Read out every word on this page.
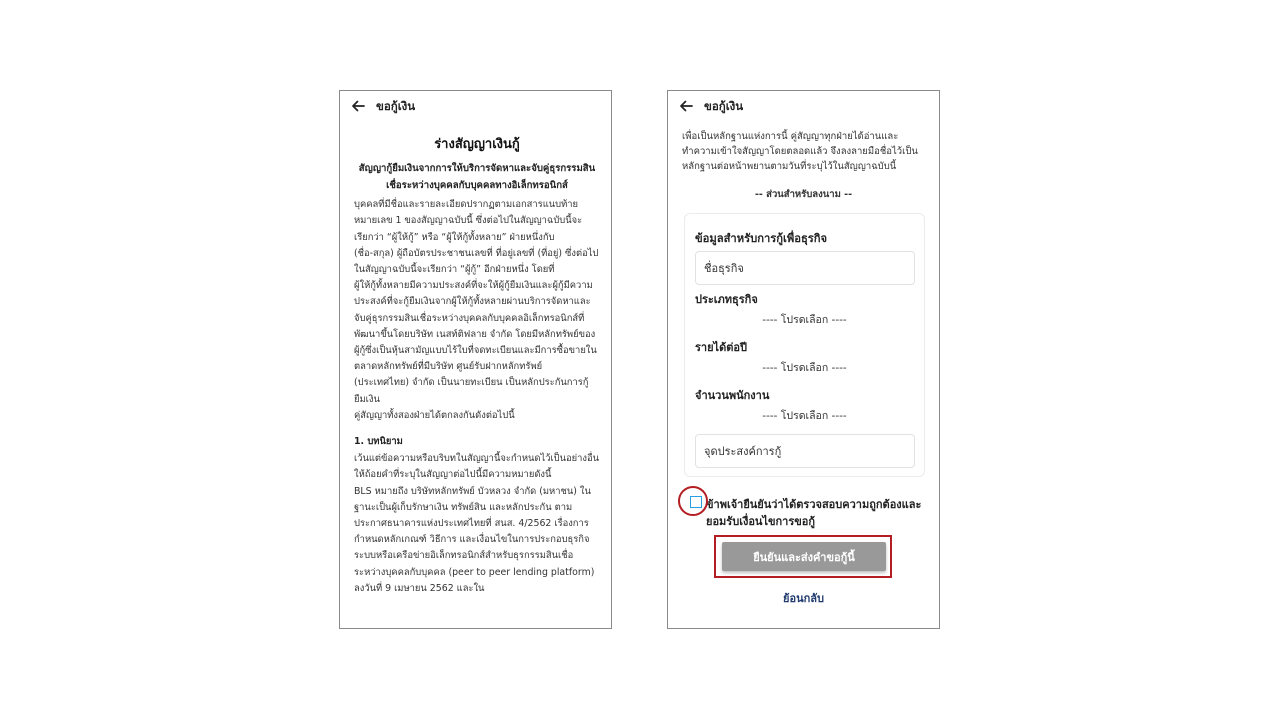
ขอกู้เงิน
ร่างสัญญาเงินกู้
สัญญากู้ยืมเงินจากการให้บริการจัดหาและจับคู่ธุรกรรมสินเชื่อระหว่างบุคคลกับบุคคลทางอิเล็กทรอนิกส์

บุคคลที่มีชื่อและรายละเอียดปรากฏตามเอกสารแนบท้ายหมายเลข 1 ของสัญญาฉบับนี้ ซึ่งต่อไปในสัญญาฉบับนี้จะเรียกว่า “ผู้ให้กู้” หรือ “ผู้ให้กู้ทั้งหลาย” ฝ่ายหนึ่งกับ

(ชื่อ-สกุล) ผู้ถือบัตรประชาชนเลขที่ ที่อยู่เลขที่ (ที่อยู่) ซึ่งต่อไปในสัญญาฉบับนี้จะเรียกว่า “ผู้กู้” อีกฝ่ายหนึ่ง โดยที่

ผู้ให้กู้ทั้งหลายมีความประสงค์ที่จะให้ผู้กู้ยืมเงินและผู้กู้มีความประสงค์ที่จะกู้ยืมเงินจากผู้ให้กู้ทั้งหลายผ่านบริการจัดหาและจับคู่ธุรกรรมสินเชื่อระหว่างบุคคลกับบุคคลอิเล็กทรอนิกส์ที่พัฒนาขึ้นโดยบริษัท เนสท์ติฟลาย จำกัด โดยมีหลักทรัพย์ของผู้กู้ซึ่งเป็นหุ้นสามัญแบบไร้ใบที่จดทะเบียนและมีการซื้อขายในตลาดหลักทรัพย์ที่มีบริษัท ศูนย์รับฝากหลักทรัพย์ (ประเทศไทย) จำกัด เป็นนายทะเบียน เป็นหลักประกันการกู้ยืมเงิน

คู่สัญญาทั้งสองฝ่ายได้ตกลงกันดังต่อไปนี้

1. บทนิยาม

เว้นแต่ข้อความหรือบริบทในสัญญานี้จะกำหนดไว้เป็นอย่างอื่น ให้ถ้อยคำที่ระบุในสัญญาต่อไปนี้มีความหมายดังนี้

BLS หมายถึง บริษัทหลักทรัพย์ บัวหลวง จำกัด (มหาชน) ในฐานะเป็นผู้เก็บรักษาเงิน ทรัพย์สิน และหลักประกัน ตามประกาศธนาคารแห่งประเทศไทยที่ สนส. 4/2562 เรื่องการกำหนดหลักเกณฑ์ วิธีการ และเงื่อนไขในการประกอบธุรกิจระบบหรือเครือข่ายอิเล็กทรอนิกส์สำหรับธุรกรรมสินเชื่อระหว่างบุคคลกับบุคคล (peer to peer lending platform) ลงวันที่ 9 เมษายน 2562 และใน

ขอกู้เงิน
เพื่อเป็นหลักฐานแห่งการนี้ คู่สัญญาทุกฝ่ายได้อ่านและทำความเข้าใจสัญญาโดยตลอดแล้ว จึงลงลายมือชื่อไว้เป็นหลักฐานต่อหน้าพยานตามวันที่ระบุไว้ในสัญญาฉบับนี้
-- ส่วนสำหรับลงนาม --
ข้อมูลสำหรับการกู้เพื่อธุรกิจ
ชื่อธุรกิจ
ประเภทธุรกิจ
---- โปรดเลือก ----
รายได้ต่อปี
---- โปรดเลือก ----
จำนวนพนักงาน
---- โปรดเลือก ----
จุดประสงค์การกู้
ข้าพเจ้ายืนยันว่าได้ตรวจสอบความถูกต้องและยอมรับเงื่อนไขการขอกู้
ยืนยันและส่งคำขอกู้นี้
ย้อนกลับ
